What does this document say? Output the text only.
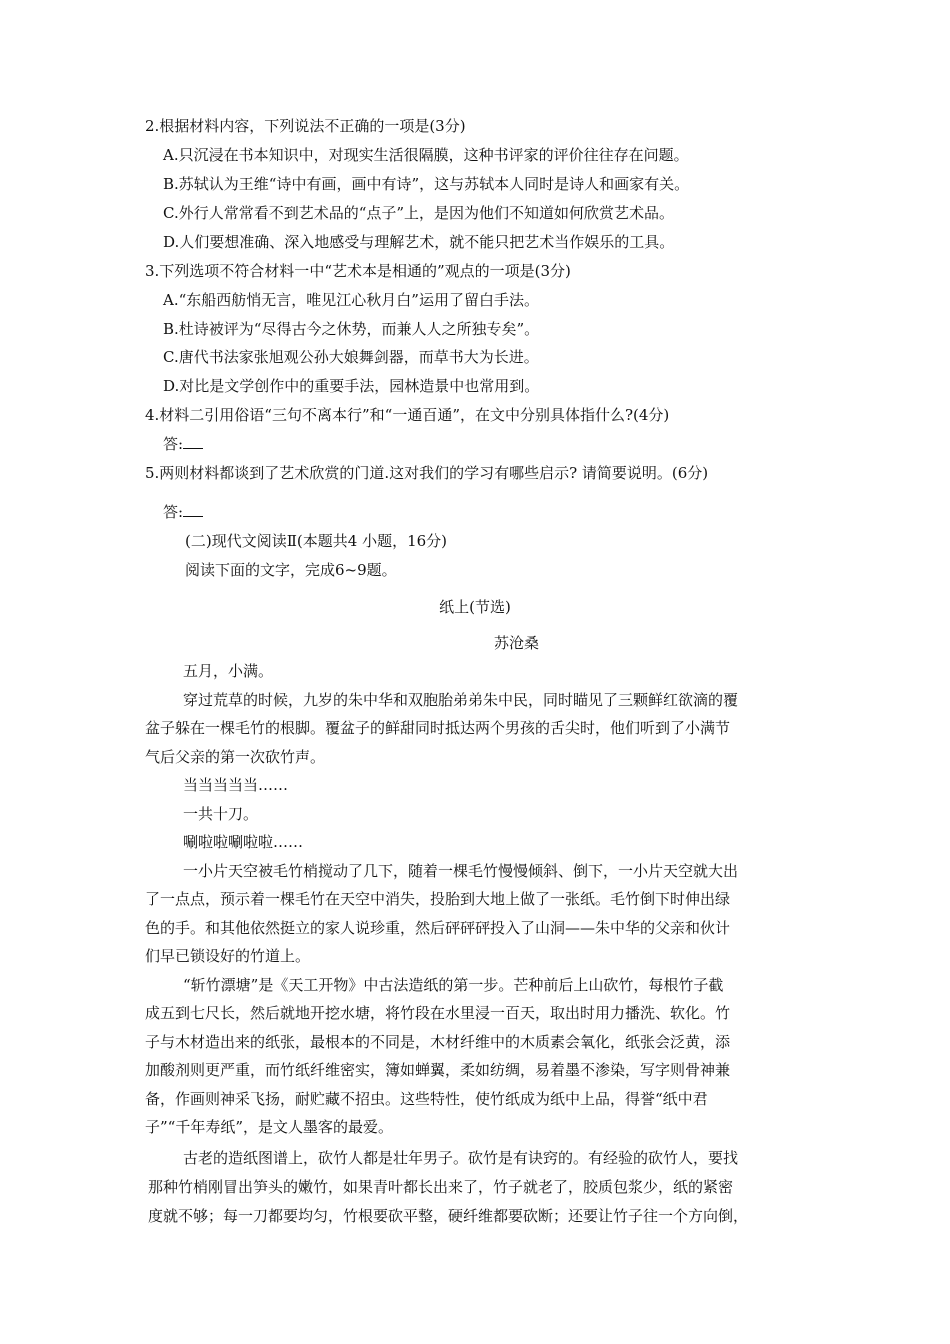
2.根据材料内容，下列说法不正确的一项是(3分)
A.只沉浸在书本知识中，对现实生活很隔膜，这种书评家的评价往往存在问题。
B.苏轼认为王维“诗中有画，画中有诗”，这与苏轼本人同时是诗人和画家有关。
C.外行人常常看不到艺术品的“点子”上，是因为他们不知道如何欣赏艺术品。
D.人们要想准确、深入地感受与理解艺术，就不能只把艺术当作娱乐的工具。
3.下列选项不符合材料一中“艺术本是相通的”观点的一项是(3分)
A.“东船西舫悄无言，唯见江心秋月白”运用了留白手法。
B.杜诗被评为“尽得古今之休势，而兼人人之所独专矣”。
C.唐代书法家张旭观公孙大娘舞剑器，而草书大为长进。
D.对比是文学创作中的重要手法，园林造景中也常用到。
4.材料二引用俗语“三句不离本行”和“一通百通”，在文中分别具体指什么?(4分)
答:
5.两则材料都谈到了艺术欣赏的门道.这对我们的学习有哪些启示? 请简要说明。(6分)
答:
(二)现代文阅读Ⅱ(本题共4 小题，16分)
阅读下面的文字，完成6~9题。
纸上(节选)
苏沧桑
五月，小满。
穿过荒草的时候，九岁的朱中华和双胞胎弟弟朱中民，同时瞄见了三颗鲜红欲滴的覆
盆子躲在一棵毛竹的根脚。覆盆子的鲜甜同时抵达两个男孩的舌尖时，他们听到了小满节
气后父亲的第一次砍竹声。
当当当当当……
一共十刀。
唰啦啦唰啦啦……
一小片天空被毛竹梢搅动了几下，随着一棵毛竹慢慢倾斜、倒下，一小片天空就大出
了一点点，预示着一棵毛竹在天空中消失，投胎到大地上做了一张纸。毛竹倒下时伸出绿
色的手。和其他依然挺立的家人说珍重，然后砰砰砰投入了山洞——朱中华的父亲和伙计
们早已锁设好的竹道上。
“斩竹漂塘”是《天工开物》中古法造纸的第一步。芒种前后上山砍竹，每根竹子截
成五到七尺长，然后就地开挖水塘，将竹段在水里浸一百天，取出时用力播洗、软化。竹
子与木材造出来的纸张，最根本的不同是，木材纤维中的木质素会氧化，纸张会泛黄，添
加酸剂则更严重，而竹纸纤维密实，簿如蝉翼，柔如纺绸，易着墨不渗染，写字则骨神兼
备，作画则神采飞扬，耐贮藏不招虫。这些特性，使竹纸成为纸中上品，得誉“纸中君
子”“千年寿纸”，是文人墨客的最爱。
古老的造纸图谱上，砍竹人都是壮年男子。砍竹是有诀窍的。有经验的砍竹人，要找
那种竹梢刚冒出笋头的嫩竹，如果青叶都长出来了，竹子就老了，胶质包浆少，纸的紧密
度就不够；每一刀都要均匀，竹根要砍平整，硬纤维都要砍断；还要让竹子往一个方向倒，
